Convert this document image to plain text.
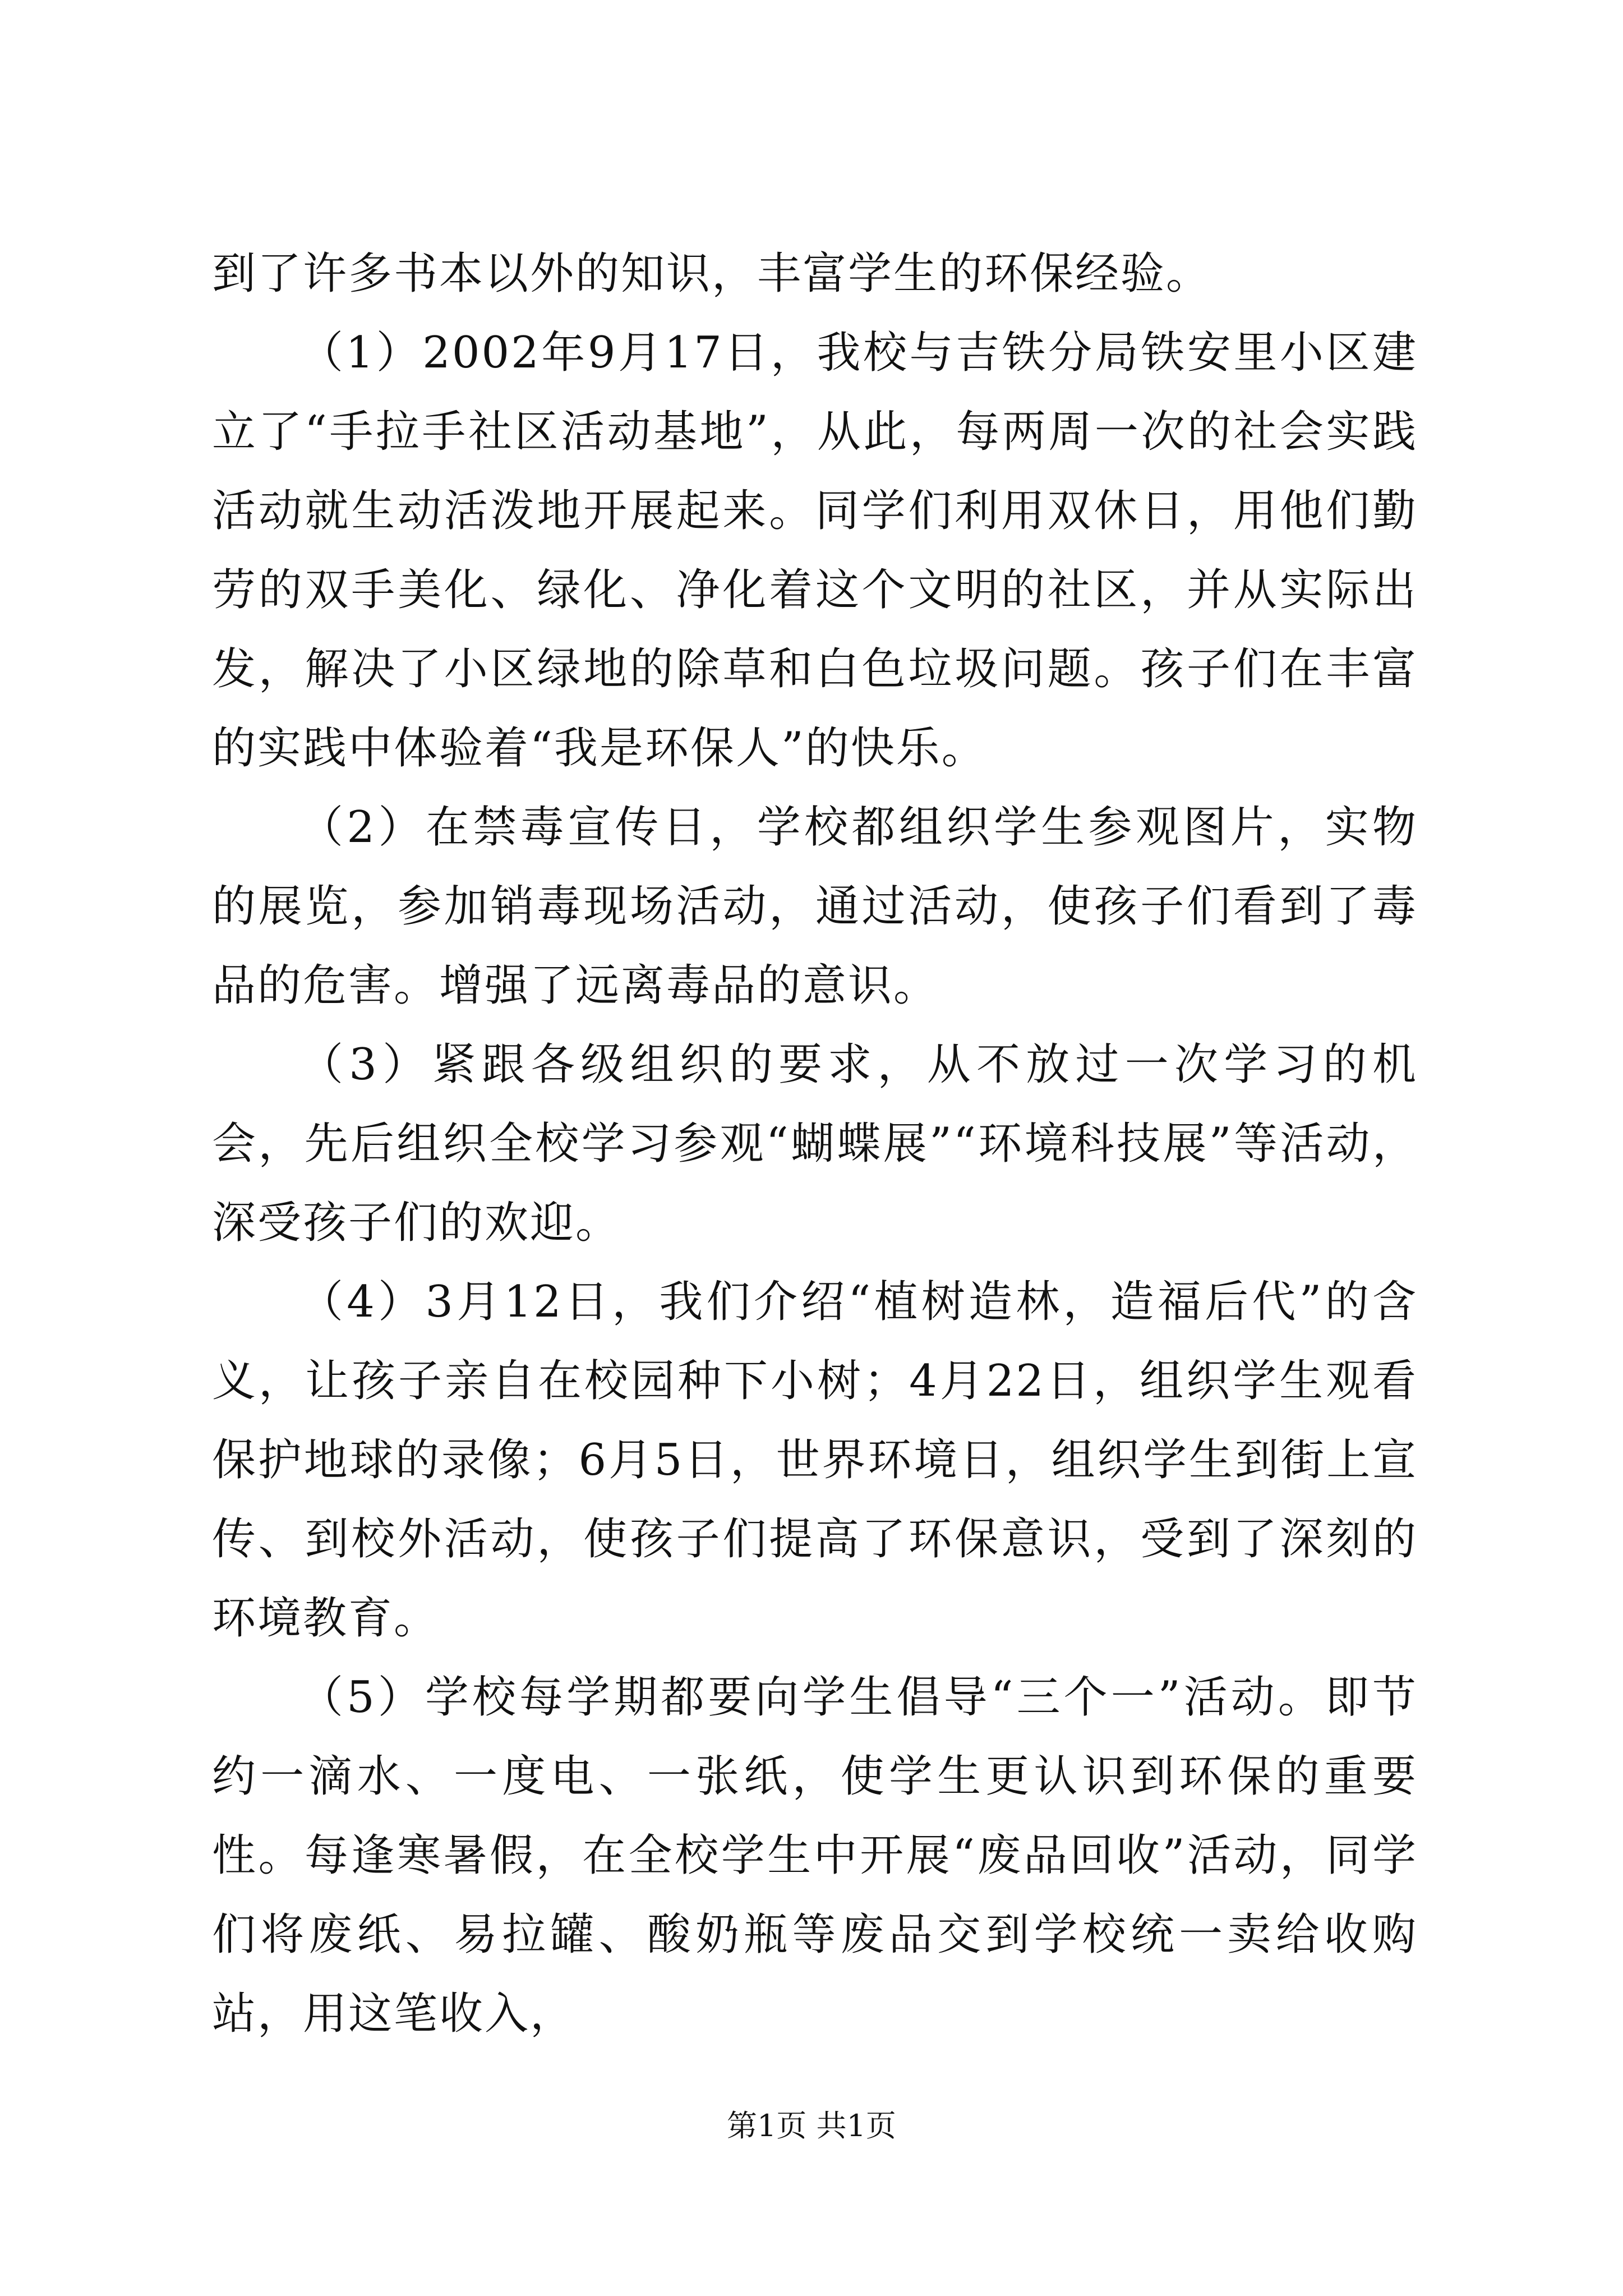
到了许多书本以外的知识，丰富学生的环保经验。

（1）2002年9月17日，我校与吉铁分局铁安里小区建立了“手拉手社区活动基地”，从此，每两周一次的社会实践活动就生动活泼地开展起来。同学们利用双休日，用他们勤劳的双手美化、绿化、净化着这个文明的社区，并从实际出发，解决了小区绿地的除草和白色垃圾问题。孩子们在丰富的实践中体验着“我是环保人”的快乐。

（2）在禁毒宣传日，学校都组织学生参观图片，实物的展览，参加销毒现场活动，通过活动，使孩子们看到了毒品的危害。增强了远离毒品的意识。

（3）紧跟各级组织的要求，从不放过一次学习的机会，先后组织全校学习参观“蝴蝶展”“环境科技展”等活动，深受孩子们的欢迎。

（4）3月12日，我们介绍“植树造林，造福后代”的含义，让孩子亲自在校园种下小树；4月22日，组织学生观看保护地球的录像；6月5日，世界环境日，组织学生到街上宣传、到校外活动，使孩子们提高了环保意识，受到了深刻的环境教育。

（5）学校每学期都要向学生倡导“三个一”活动。即节约一滴水、一度电、一张纸，使学生更认识到环保的重要性。每逢寒暑假，在全校学生中开展“废品回收”活动，同学们将废纸、易拉罐、酸奶瓶等废品交到学校统一卖给收购站，用这笔收入，

第1页 共1页
